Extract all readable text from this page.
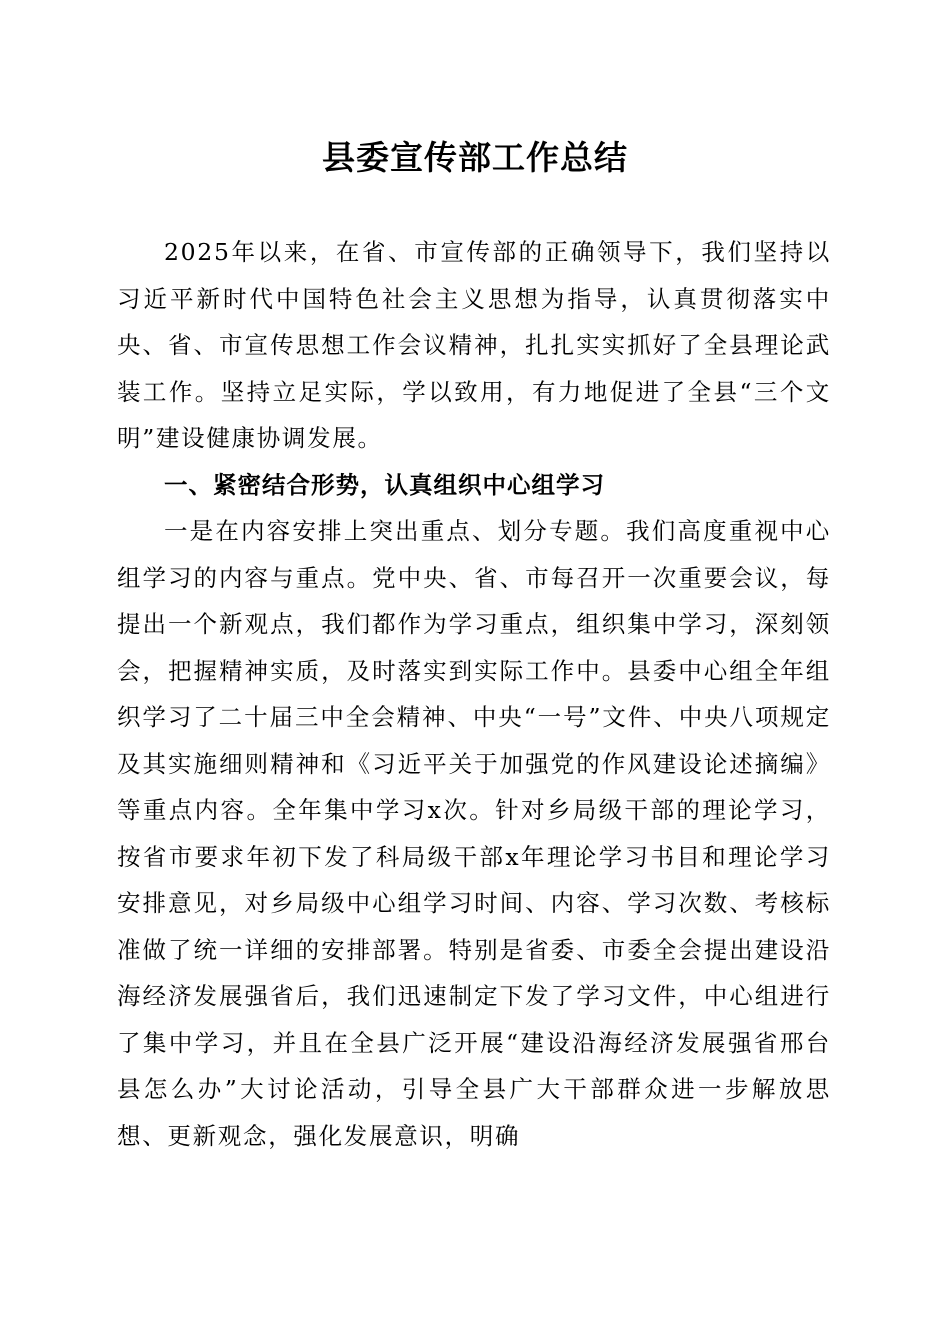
县委宣传部工作总结

2025年以来，在省、市宣传部的正确领导下，我们坚持以习近平新时代中国特色社会主义思想为指导，认真贯彻落实中央、省、市宣传思想工作会议精神，扎扎实实抓好了全县理论武装工作。坚持立足实际，学以致用，有力地促进了全县“三个文明”建设健康协调发展。

一、紧密结合形势，认真组织中心组学习

一是在内容安排上突出重点、划分专题。我们高度重视中心组学习的内容与重点。党中央、省、市每召开一次重要会议，每提出一个新观点，我们都作为学习重点，组织集中学习，深刻领会，把握精神实质，及时落实到实际工作中。县委中心组全年组织学习了二十届三中全会精神、中央“一号”文件、中央八项规定及其实施细则精神和《习近平关于加强党的作风建设论述摘编》等重点内容。全年集中学习x次。针对乡局级干部的理论学习，按省市要求年初下发了科局级干部x年理论学习书目和理论学习安排意见，对乡局级中心组学习时间、内容、学习次数、考核标准做了统一详细的安排部署。特别是省委、市委全会提出建设沿海经济发展强省后，我们迅速制定下发了学习文件，中心组进行了集中学习，并且在全县广泛开展“建设沿海经济发展强省邢台县怎么办”大讨论活动，引导全县广大干部群众进一步解放思想、更新观念，强化发展意识，明确
